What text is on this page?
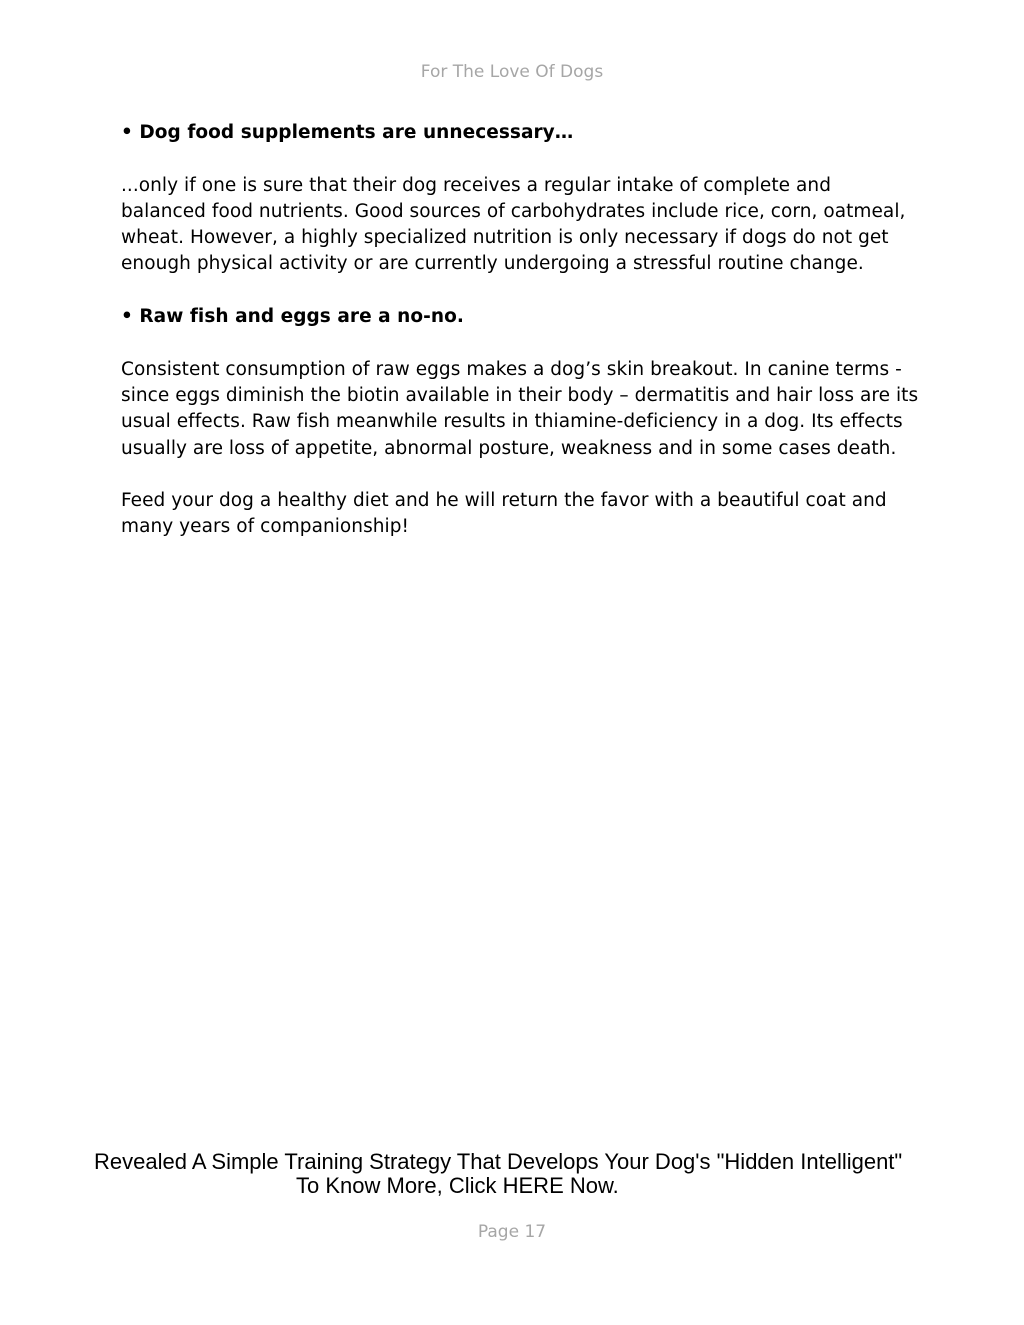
For The Love Of Dogs

• Dog food supplements are unnecessary…

...only if one is sure that their dog receives a regular intake of complete and balanced food nutrients. Good sources of carbohydrates include rice, corn, oatmeal, wheat. However, a highly specialized nutrition is only necessary if dogs do not get enough physical activity or are currently undergoing a stressful routine change.

• Raw fish and eggs are a no-no.

Consistent consumption of raw eggs makes a dog’s skin breakout. In canine terms - since eggs diminish the biotin available in their body – dermatitis and hair loss are its usual effects. Raw fish meanwhile results in thiamine-deficiency in a dog. Its effects usually are loss of appetite, abnormal posture, weakness and in some cases death.

Feed your dog a healthy diet and he will return the favor with a beautiful coat and many years of companionship!

Revealed A Simple Training Strategy That Develops Your Dog's "Hidden Intelligent"
To Know More, Click HERE Now.
Page 17
